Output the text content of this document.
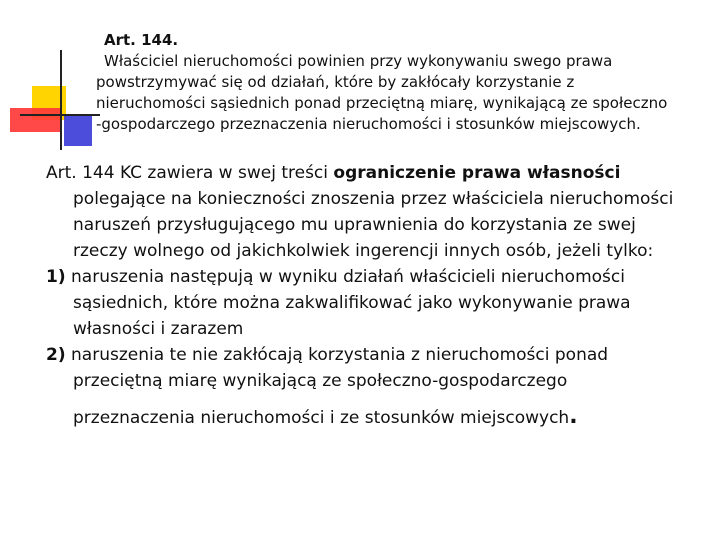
Art. 144.
Właściciel nieruchomości powinien przy wykonywaniu swego prawa
powstrzymywać się od działań, które by zakłócały korzystanie z
nieruchomości sąsiednich ponad przeciętną miarę, wynikającą ze społeczno
-gospodarczego przeznaczenia nieruchomości i stosunków miejscowych.
Art. 144 KC zawiera w swej treści ograniczenie prawa własności
polegające na konieczności znoszenia przez właściciela nieruchomości
naruszeń przysługującego mu uprawnienia do korzystania ze swej
rzeczy wolnego od jakichkolwiek ingerencji innych osób, jeżeli tylko:
1) naruszenia następują w wyniku działań właścicieli nieruchomości
sąsiednich, które można zakwalifikować jako wykonywanie prawa
własności i zarazem
2) naruszenia te nie zakłócają korzystania z nieruchomości ponad
przeciętną miarę wynikającą ze społeczno-gospodarczego
przeznaczenia nieruchomości i ze stosunków miejscowych.
